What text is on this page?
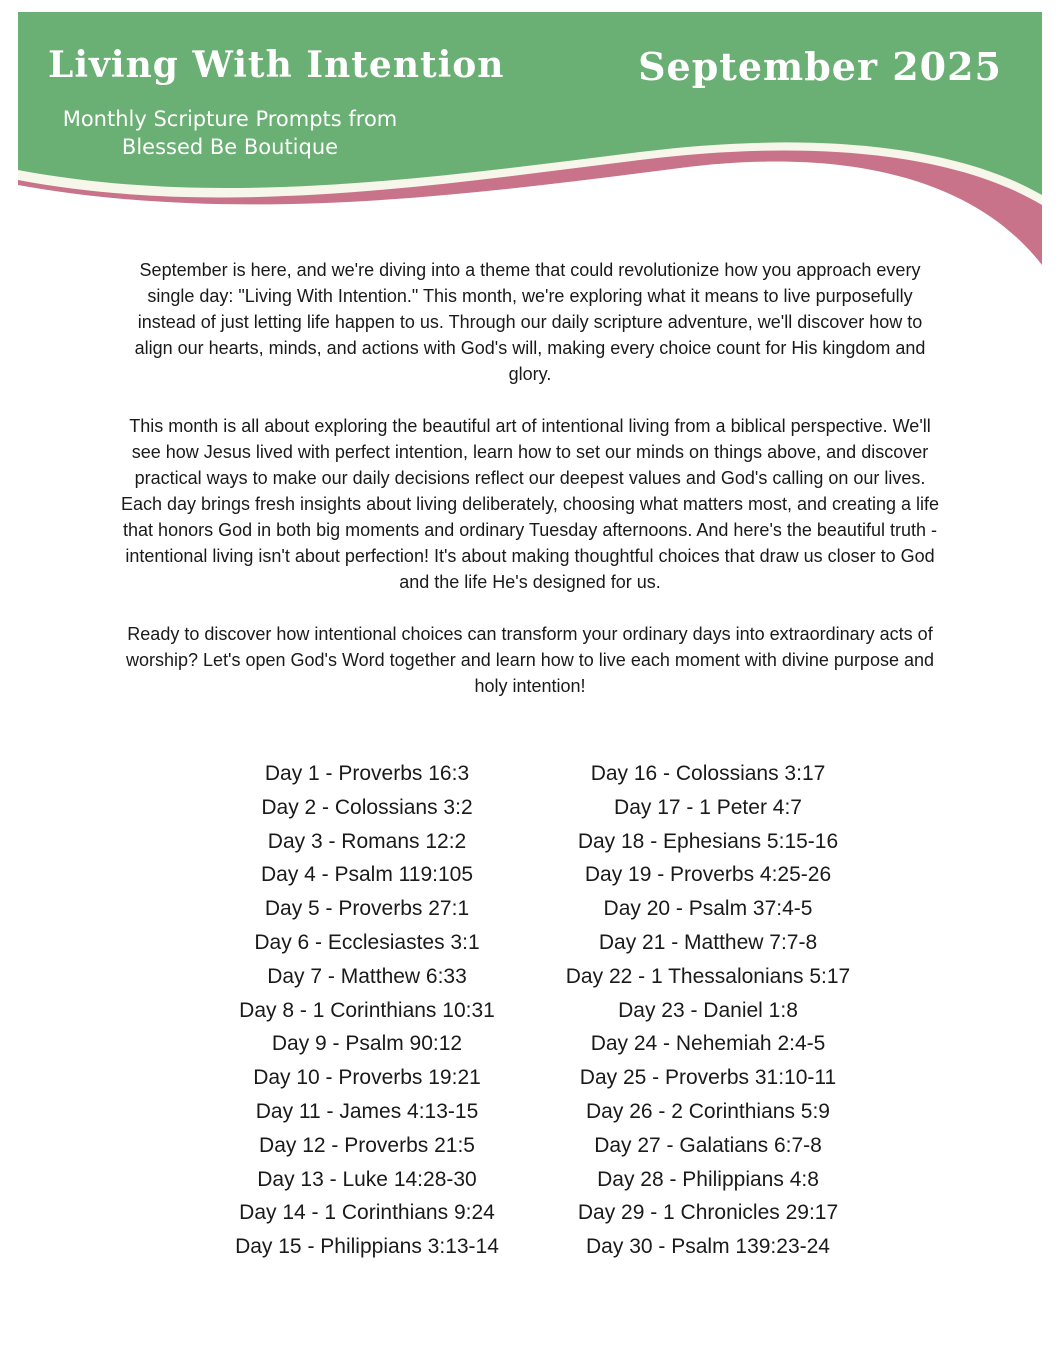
Living With Intention	September 2025

Monthly Scripture Prompts from Blessed Be Boutique

September is here, and we're diving into a theme that could revolutionize how you approach every single day: "Living With Intention." This month, we're exploring what it means to live purposefully instead of just letting life happen to us. Through our daily scripture adventure, we'll discover how to align our hearts, minds, and actions with God's will, making every choice count for His kingdom and glory.

This month is all about exploring the beautiful art of intentional living from a biblical perspective. We'll see how Jesus lived with perfect intention, learn how to set our minds on things above, and discover practical ways to make our daily decisions reflect our deepest values and God's calling on our lives. Each day brings fresh insights about living deliberately, choosing what matters most, and creating a life that honors God in both big moments and ordinary Tuesday afternoons. And here's the beautiful truth - intentional living isn't about perfection! It's about making thoughtful choices that draw us closer to God and the life He's designed for us.

Ready to discover how intentional choices can transform your ordinary days into extraordinary acts of worship? Let's open God's Word together and learn how to live each moment with divine purpose and holy intention!

Day 1 - Proverbs 16:3
Day 2 - Colossians 3:2
Day 3 - Romans 12:2
Day 4 - Psalm 119:105
Day 5 - Proverbs 27:1
Day 6 - Ecclesiastes 3:1
Day 7 - Matthew 6:33
Day 8 - 1 Corinthians 10:31
Day 9 - Psalm 90:12
Day 10 - Proverbs 19:21
Day 11 - James 4:13-15
Day 12 - Proverbs 21:5
Day 13 - Luke 14:28-30
Day 14 - 1 Corinthians 9:24
Day 15 - Philippians 3:13-14
Day 16 - Colossians 3:17
Day 17 - 1 Peter 4:7
Day 18 - Ephesians 5:15-16
Day 19 - Proverbs 4:25-26
Day 20 - Psalm 37:4-5
Day 21 - Matthew 7:7-8
Day 22 - 1 Thessalonians 5:17
Day 23 - Daniel 1:8
Day 24 - Nehemiah 2:4-5
Day 25 - Proverbs 31:10-11
Day 26 - 2 Corinthians 5:9
Day 27 - Galatians 6:7-8
Day 28 - Philippians 4:8
Day 29 - 1 Chronicles 29:17
Day 30 - Psalm 139:23-24
